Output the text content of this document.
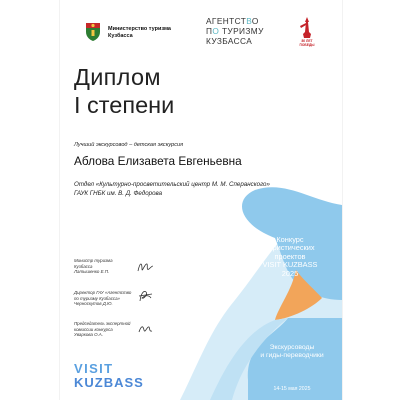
Министерство туризма
Кузбасса
АГЕНТСТВО
ПО ТУРИЗМУ
КУЗБАССА	80 ЛЕТ
ПОБЕДЫ
Диплом
I степени
Лучший экскурсовод – детская экскурсия
Аблова Елизавета Евгеньевна
Отдел «Культурно-просветительский центр М. М. Сперанского»
ГАУК ГНБК им. В. Д. Федорова
Министр туризма
Кузбасса
Латышенко Е.П.
Директор ГАУ «Агентство
по туризму Кузбасса»
Черноскутов Д.Ю.
Председатель экспертной
комиссии конкурса
Уваркова О.А.
VISIT
KUZBASS
Конкурс
туристических
проектов
VISIT KUZBASS
2025
Экскурсоводы
и гиды-переводчики
14-15 мая 2025
